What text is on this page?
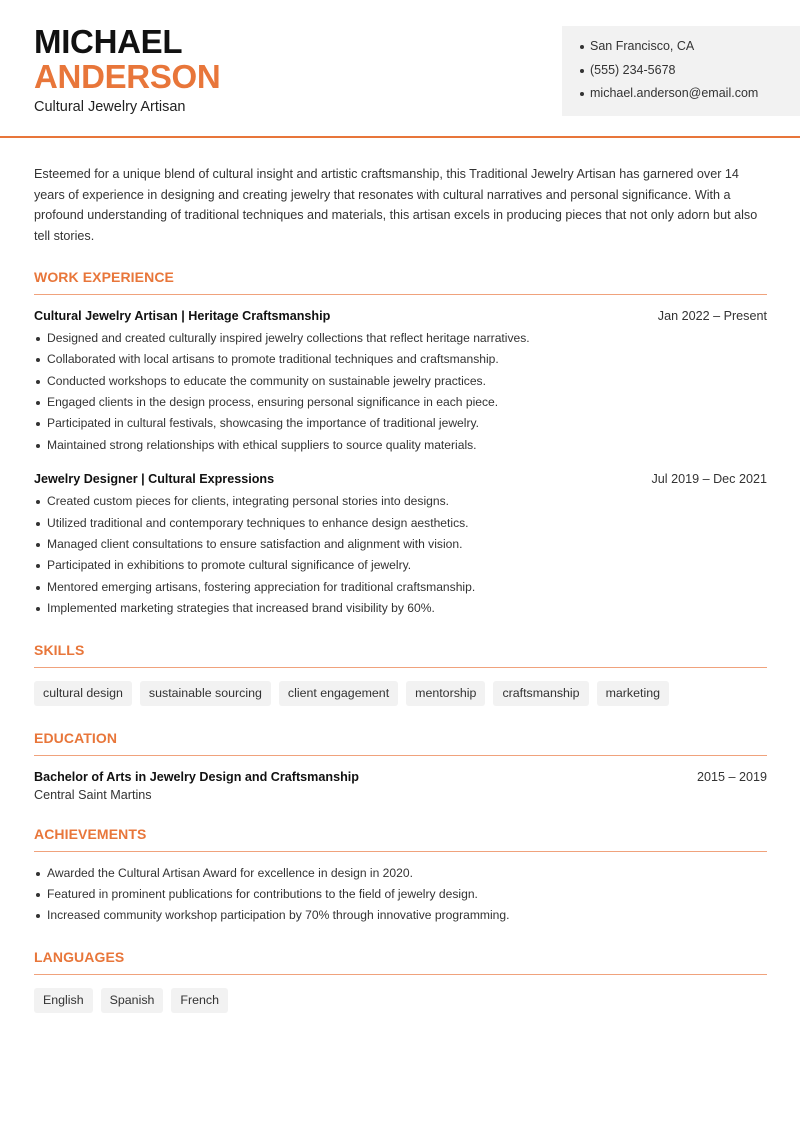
MICHAEL
ANDERSON
Cultural Jewelry Artisan
San Francisco, CA
(555) 234-5678
michael.anderson@email.com

Esteemed for a unique blend of cultural insight and artistic craftsmanship, this Traditional Jewelry Artisan has garnered over 14 years of experience in designing and creating jewelry that resonates with cultural narratives and personal significance. With a profound understanding of traditional techniques and materials, this artisan excels in producing pieces that not only adorn but also tell stories.

WORK EXPERIENCE
Cultural Jewelry Artisan | Heritage Craftsmanship	Jan 2022 – Present
Designed and created culturally inspired jewelry collections that reflect heritage narratives.
Collaborated with local artisans to promote traditional techniques and craftsmanship.
Conducted workshops to educate the community on sustainable jewelry practices.
Engaged clients in the design process, ensuring personal significance in each piece.
Participated in cultural festivals, showcasing the importance of traditional jewelry.
Maintained strong relationships with ethical suppliers to source quality materials.
Jewelry Designer | Cultural Expressions	Jul 2019 – Dec 2021
Created custom pieces for clients, integrating personal stories into designs.
Utilized traditional and contemporary techniques to enhance design aesthetics.
Managed client consultations to ensure satisfaction and alignment with vision.
Participated in exhibitions to promote cultural significance of jewelry.
Mentored emerging artisans, fostering appreciation for traditional craftsmanship.
Implemented marketing strategies that increased brand visibility by 60%.
SKILLS
cultural design	sustainable sourcing	client engagement	mentorship	craftsmanship	marketing
EDUCATION
Bachelor of Arts in Jewelry Design and Craftsmanship	2015 – 2019
Central Saint Martins
ACHIEVEMENTS
Awarded the Cultural Artisan Award for excellence in design in 2020.
Featured in prominent publications for contributions to the field of jewelry design.
Increased community workshop participation by 70% through innovative programming.
LANGUAGES
English	Spanish	French
